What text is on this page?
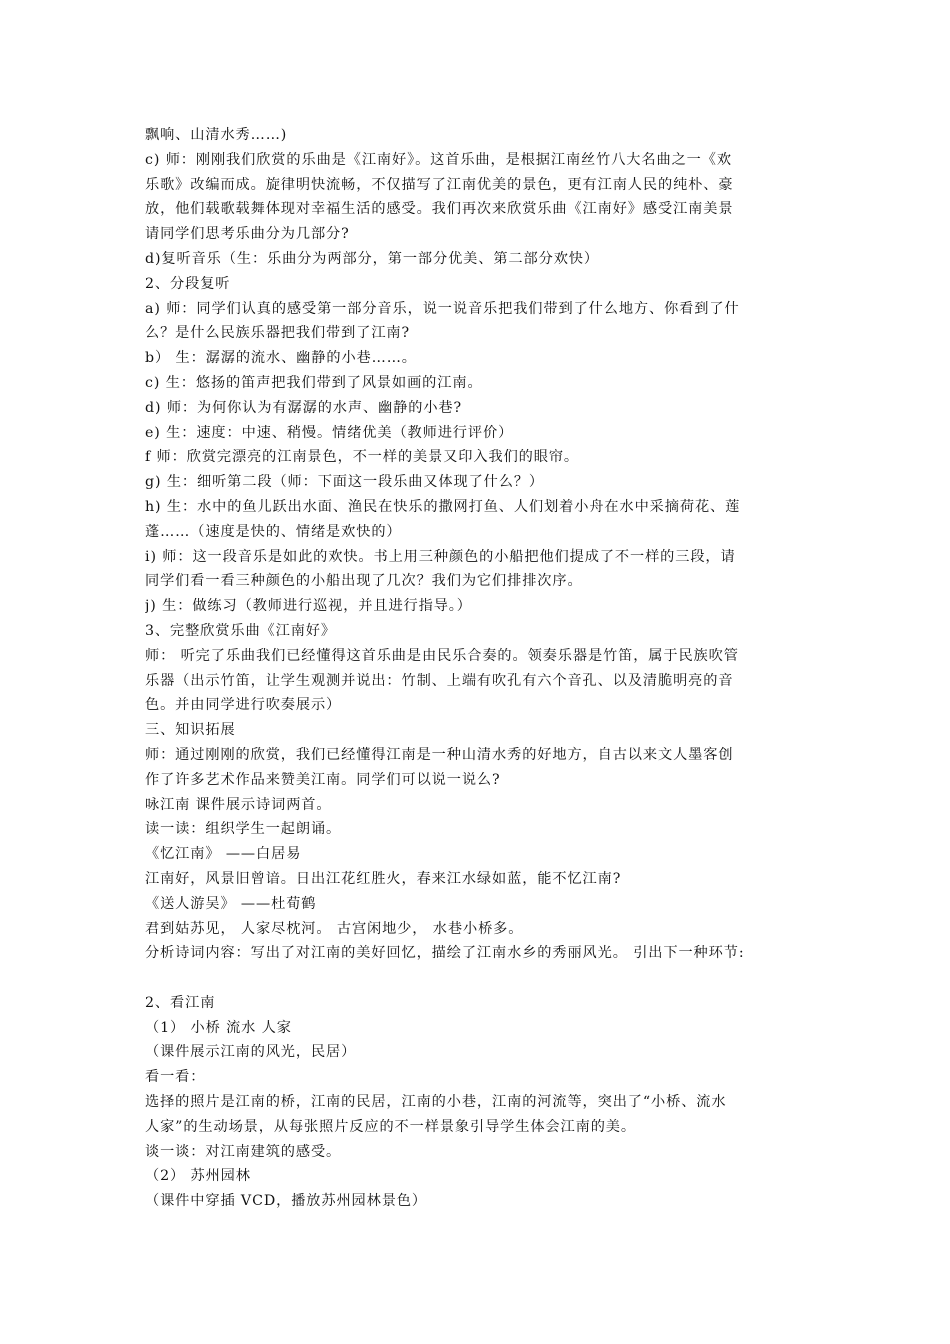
飘响、山清水秀……)
c) 师：刚刚我们欣赏的乐曲是《江南好》。这首乐曲，是根据江南丝竹八大名曲之一《欢
乐歌》改编而成。旋律明快流畅，不仅描写了江南优美的景色，更有江南人民的纯朴、豪
放，他们载歌载舞体现对幸福生活的感受。我们再次来欣赏乐曲《江南好》感受江南美景
请同学们思考乐曲分为几部分?
d)复听音乐（生：乐曲分为两部分，第一部分优美、第二部分欢快）
2、分段复听
a) 师：同学们认真的感受第一部分音乐，说一说音乐把我们带到了什么地方、你看到了什
么？是什么民族乐器把我们带到了江南?
b） 生：潺潺的流水、幽静的小巷……。
c) 生：悠扬的笛声把我们带到了风景如画的江南。
d) 师：为何你认为有潺潺的水声、幽静的小巷?
e) 生：速度：中速、稍慢。情绪优美（教师进行评价）
f 师：欣赏完漂亮的江南景色，不一样的美景又印入我们的眼帘。
g) 生：细听第二段（师：下面这一段乐曲又体现了什么？）
h) 生：水中的鱼儿跃出水面、渔民在快乐的撒网打鱼、人们划着小舟在水中采摘荷花、莲
蓬……（速度是快的、情绪是欢快的）
i) 师：这一段音乐是如此的欢快。书上用三种颜色的小船把他们提成了不一样的三段，请
同学们看一看三种颜色的小船出现了几次？我们为它们排排次序。
j) 生：做练习（教师进行巡视，并且进行指导。）
3、完整欣赏乐曲《江南好》
师： 听完了乐曲我们已经懂得这首乐曲是由民乐合奏的。领奏乐器是竹笛，属于民族吹管
乐器（出示竹笛，让学生观测并说出：竹制、上端有吹孔有六个音孔、以及清脆明亮的音
色。并由同学进行吹奏展示）
三、知识拓展
师：通过刚刚的欣赏，我们已经懂得江南是一种山清水秀的好地方，自古以来文人墨客创
作了许多艺术作品来赞美江南。同学们可以说一说么?
咏江南 课件展示诗词两首。
读一读：组织学生一起朗诵。
《忆江南》 ——白居易
江南好，风景旧曾谙。日出江花红胜火，春来江水绿如蓝，能不忆江南?
《送人游吴》 ——杜荀鹤
君到姑苏见， 人家尽枕河。 古宫闲地少， 水巷小桥多。
分析诗词内容：写出了对江南的美好回忆，描绘了江南水乡的秀丽风光。 引出下一种环节:
2、看江南
（1） 小桥 流水 人家
（课件展示江南的风光，民居）
看一看：
选择的照片是江南的桥，江南的民居，江南的小巷，江南的河流等，突出了“小桥、流水
人家”的生动场景，从每张照片反应的不一样景象引导学生体会江南的美。
谈一谈：对江南建筑的感受。
（2） 苏州园林
（课件中穿插 VCD，播放苏州园林景色）
